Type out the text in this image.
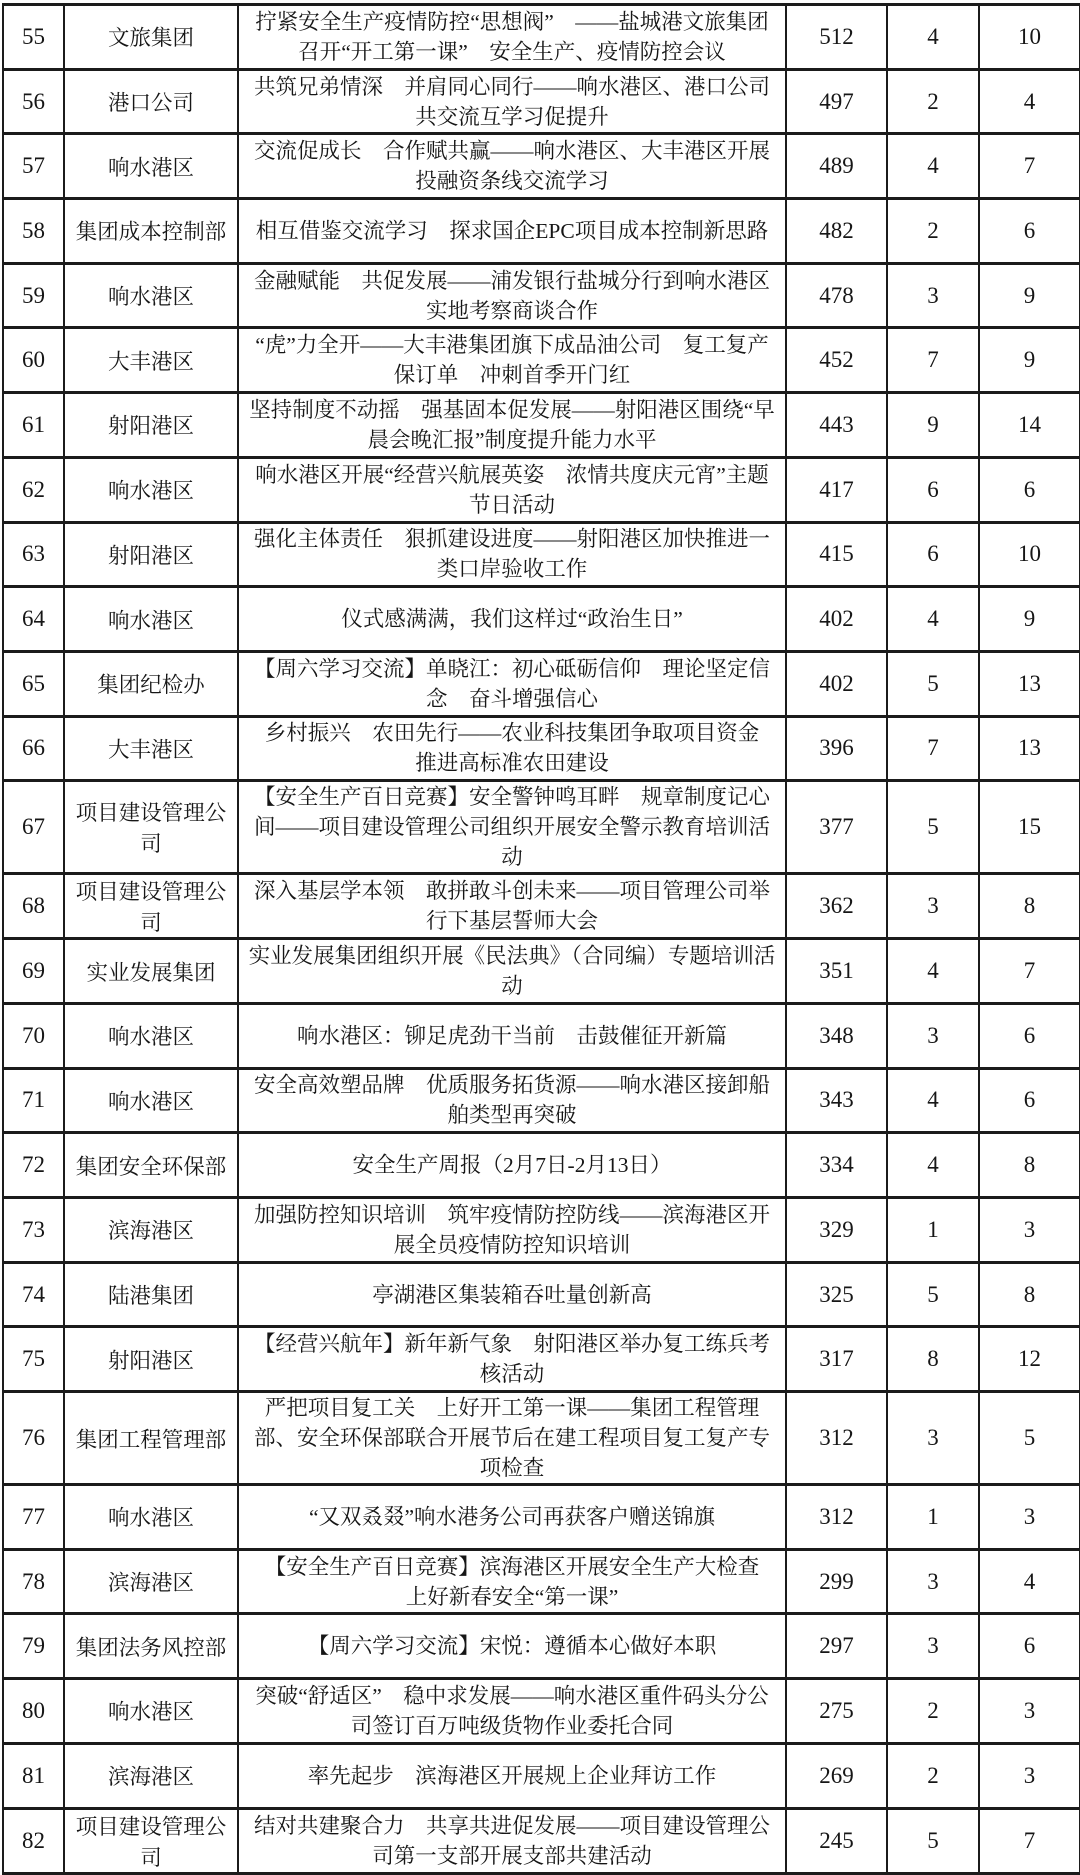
55	文旅集团	拧紧安全生产疫情防控“思想阀”　——盐城港文旅集团召开“开工第一课”　安全生产、疫情防控会议	512	4	10
56	港口公司	共筑兄弟情深　并肩同心同行——响水港区、港口公司共交流互学习促提升	497	2	4
57	响水港区	交流促成长　合作赋共赢——响水港区、大丰港区开展投融资条线交流学习	489	4	7
58	集团成本控制部	相互借鉴交流学习　探求国企EPC项目成本控制新思路	482	2	6
59	响水港区	金融赋能　共促发展——浦发银行盐城分行到响水港区实地考察商谈合作	478	3	9
60	大丰港区	“虎”力全开——大丰港集团旗下成品油公司　复工复产保订单　冲刺首季开门红	452	7	9
61	射阳港区	坚持制度不动摇　强基固本促发展——射阳港区围绕“早晨会晚汇报”制度提升能力水平	443	9	14
62	响水港区	响水港区开展“经营兴航展英姿　浓情共度庆元宵”主题节日活动	417	6	6
63	射阳港区	强化主体责任　狠抓建设进度——射阳港区加快推进一类口岸验收工作	415	6	10
64	响水港区	仪式感满满，我们这样过“政治生日”	402	4	9
65	集团纪检办	【周六学习交流】单晓江：初心砥砺信仰　理论坚定信念　奋斗增强信心	402	5	13
66	大丰港区	乡村振兴　农田先行——农业科技集团争取项目资金　推进高标准农田建设	396	7	13
67	项目建设管理公司	【安全生产百日竞赛】安全警钟鸣耳畔　规章制度记心间——项目建设管理公司组织开展安全警示教育培训活动	377	5	15
68	项目建设管理公司	深入基层学本领　敢拼敢斗创未来——项目管理公司举行下基层誓师大会	362	3	8
69	实业发展集团	实业发展集团组织开展《民法典》（合同编）专题培训活动	351	4	7
70	响水港区	响水港区：铆足虎劲干当前　击鼓催征开新篇	348	3	6
71	响水港区	安全高效塑品牌　优质服务拓货源——响水港区接卸船舶类型再突破	343	4	6
72	集团安全环保部	安全生产周报（2月7日-2月13日）	334	4	8
73	滨海港区	加强防控知识培训　筑牢疫情防控防线——滨海港区开展全员疫情防控知识培训	329	1	3
74	陆港集团	亭湖港区集装箱吞吐量创新高	325	5	8
75	射阳港区	【经营兴航年】新年新气象　射阳港区举办复工练兵考核活动	317	8	12
76	集团工程管理部	严把项目复工关　上好开工第一课——集团工程管理部、安全环保部联合开展节后在建工程项目复工复产专项检查	312	3	5
77	响水港区	“又双叒叕”响水港务公司再获客户赠送锦旗	312	1	3
78	滨海港区	【安全生产百日竞赛】滨海港区开展安全生产大检查　上好新春安全“第一课”	299	3	4
79	集团法务风控部	【周六学习交流】宋悦：遵循本心做好本职	297	3	6
80	响水港区	突破“舒适区”　稳中求发展——响水港区重件码头分公司签订百万吨级货物作业委托合同	275	2	3
81	滨海港区	率先起步　滨海港区开展规上企业拜访工作	269	2	3
82	项目建设管理公司	结对共建聚合力　共享共进促发展——项目建设管理公司第一支部开展支部共建活动	245	5	7
